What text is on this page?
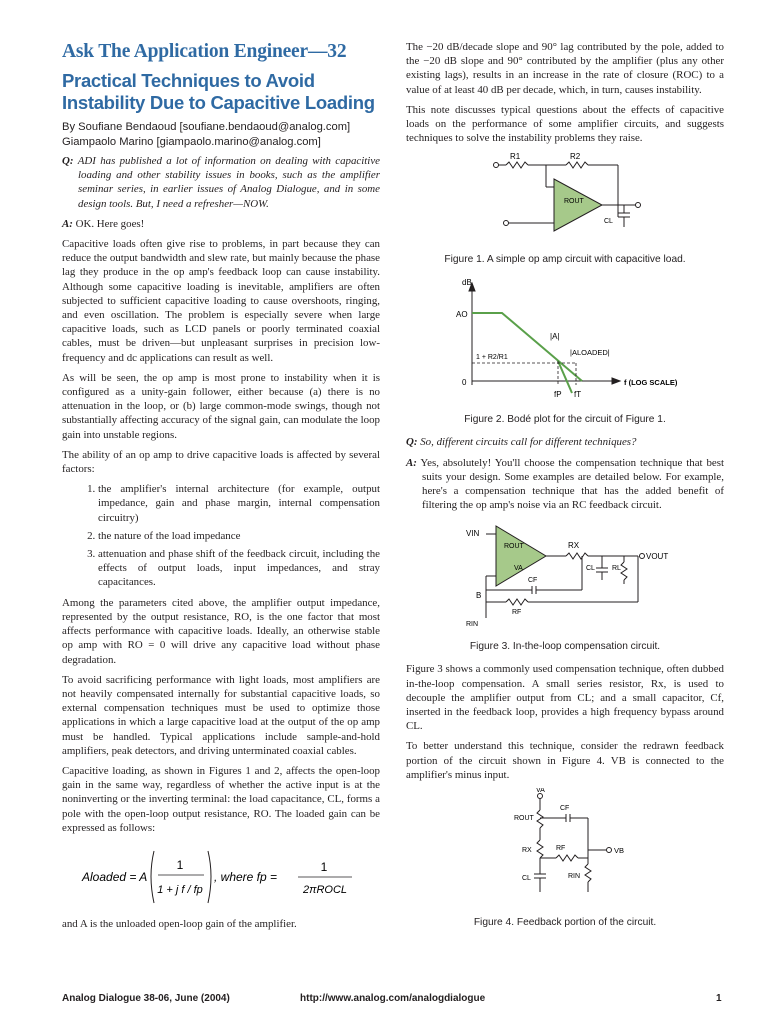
Ask The Application Engineer—32
Practical Techniques to Avoid Instability Due to Capacitive Loading
By Soufiane Bendaoud [soufiane.bendaoud@analog.com]
Giampaolo Marino [giampaolo.marino@analog.com]

Q: ADI has published a lot of information on dealing with capacitive loading and other stability issues in books, such as the amplifier seminar series, in earlier issues of Analog Dialogue, and in some design tools. But, I need a refresher—NOW.

A: OK. Here goes!

Capacitive loads often give rise to problems, in part because they can reduce the output bandwidth and slew rate, but mainly because the phase lag they produce in the op amp's feedback loop can cause instability. Although some capacitive loading is inevitable, amplifiers are often subjected to sufficient capacitive loading to cause overshoots, ringing, and even oscillation. The problem is especially severe when large capacitive loads, such as LCD panels or poorly terminated coaxial cables, must be driven—but unpleasant surprises in precision low-frequency and dc applications can result as well.

As will be seen, the op amp is most prone to instability when it is configured as a unity-gain follower, either because (a) there is no attenuation in the loop, or (b) large common-mode swings, though not substantially affecting accuracy of the signal gain, can modulate the loop gain into unstable regions.

The ability of an op amp to drive capacitive loads is affected by several factors:

1. the amplifier's internal architecture (for example, output impedance, gain and phase margin, internal compensation circuitry)
2. the nature of the load impedance
3. attenuation and phase shift of the feedback circuit, including the effects of output loads, input impedances, and stray capacitances.

Among the parameters cited above, the amplifier output impedance, represented by the output resistance, RO, is the one factor that most affects performance with capacitive loads. Ideally, an otherwise stable op amp with RO = 0 will drive any capacitive load without phase degradation.

To avoid sacrificing performance with light loads, most amplifiers are not heavily compensated internally for substantial capacitive loads, so external compensation techniques must be used to optimize those applications in which a large capacitive load at the output of the op amp must be handled. Typical applications include sample-and-hold amplifiers, peak detectors, and driving unterminated coaxial cables.

Capacitive loading, as shown in Figures 1 and 2, affects the open-loop gain in the same way, regardless of whether the active input is at the noninverting or the inverting terminal: the load capacitance, CL, forms a pole with the open-loop output resistance, RO. The loaded gain can be expressed as follows:

Aloaded = A
1
1 + j f / fp
, where fp =
1
2πROCL

and A is the unloaded open-loop gain of the amplifier.

The −20 dB/decade slope and 90° lag contributed by the pole, added to the −20 dB slope and 90° contributed by the amplifier (plus any other existing lags), results in an increase in the rate of closure (ROC) to a value of at least 40 dB per decade, which, in turn, causes instability.

This note discusses typical questions about the effects of capacitive loads on the performance of some amplifier circuits, and suggests techniques to solve the instability problems they raise.

R1	R2
ROUT
CL
Figure 1. A simple op amp circuit with capacitive load.
dB
AO
|A|
|ALOADED|
1 + R2/R1
0
fP fT
f (LOG SCALE)
Figure 2. Bodé plot for the circuit of Figure 1.

Q: So, different circuits call for different techniques?

A: Yes, absolutely! You'll choose the compensation technique that best suits your design. Some examples are detailed below. For example, here's a compensation technique that has the added benefit of filtering the op amp's noise via an RC feedback circuit.

VIN
ROUT
VA
RX
VOUT
CL RL
CF
B
RF
RIN
Figure 3. In-the-loop compensation circuit.

Figure 3 shows a commonly used compensation technique, often dubbed in-the-loop compensation. A small series resistor, Rx, is used to decouple the amplifier output from CL; and a small capacitor, Cf, inserted in the feedback loop, provides a high frequency bypass around CL.

To better understand this technique, consider the redrawn feedback portion of the circuit shown in Figure 4. VB is connected to the amplifier's minus input.

VA
ROUT
CF
RX	RF	VB
CL	RIN
Figure 4. Feedback portion of the circuit.
Analog Dialogue 38-06, June (2004)	http://www.analog.com/analogdialogue	1
